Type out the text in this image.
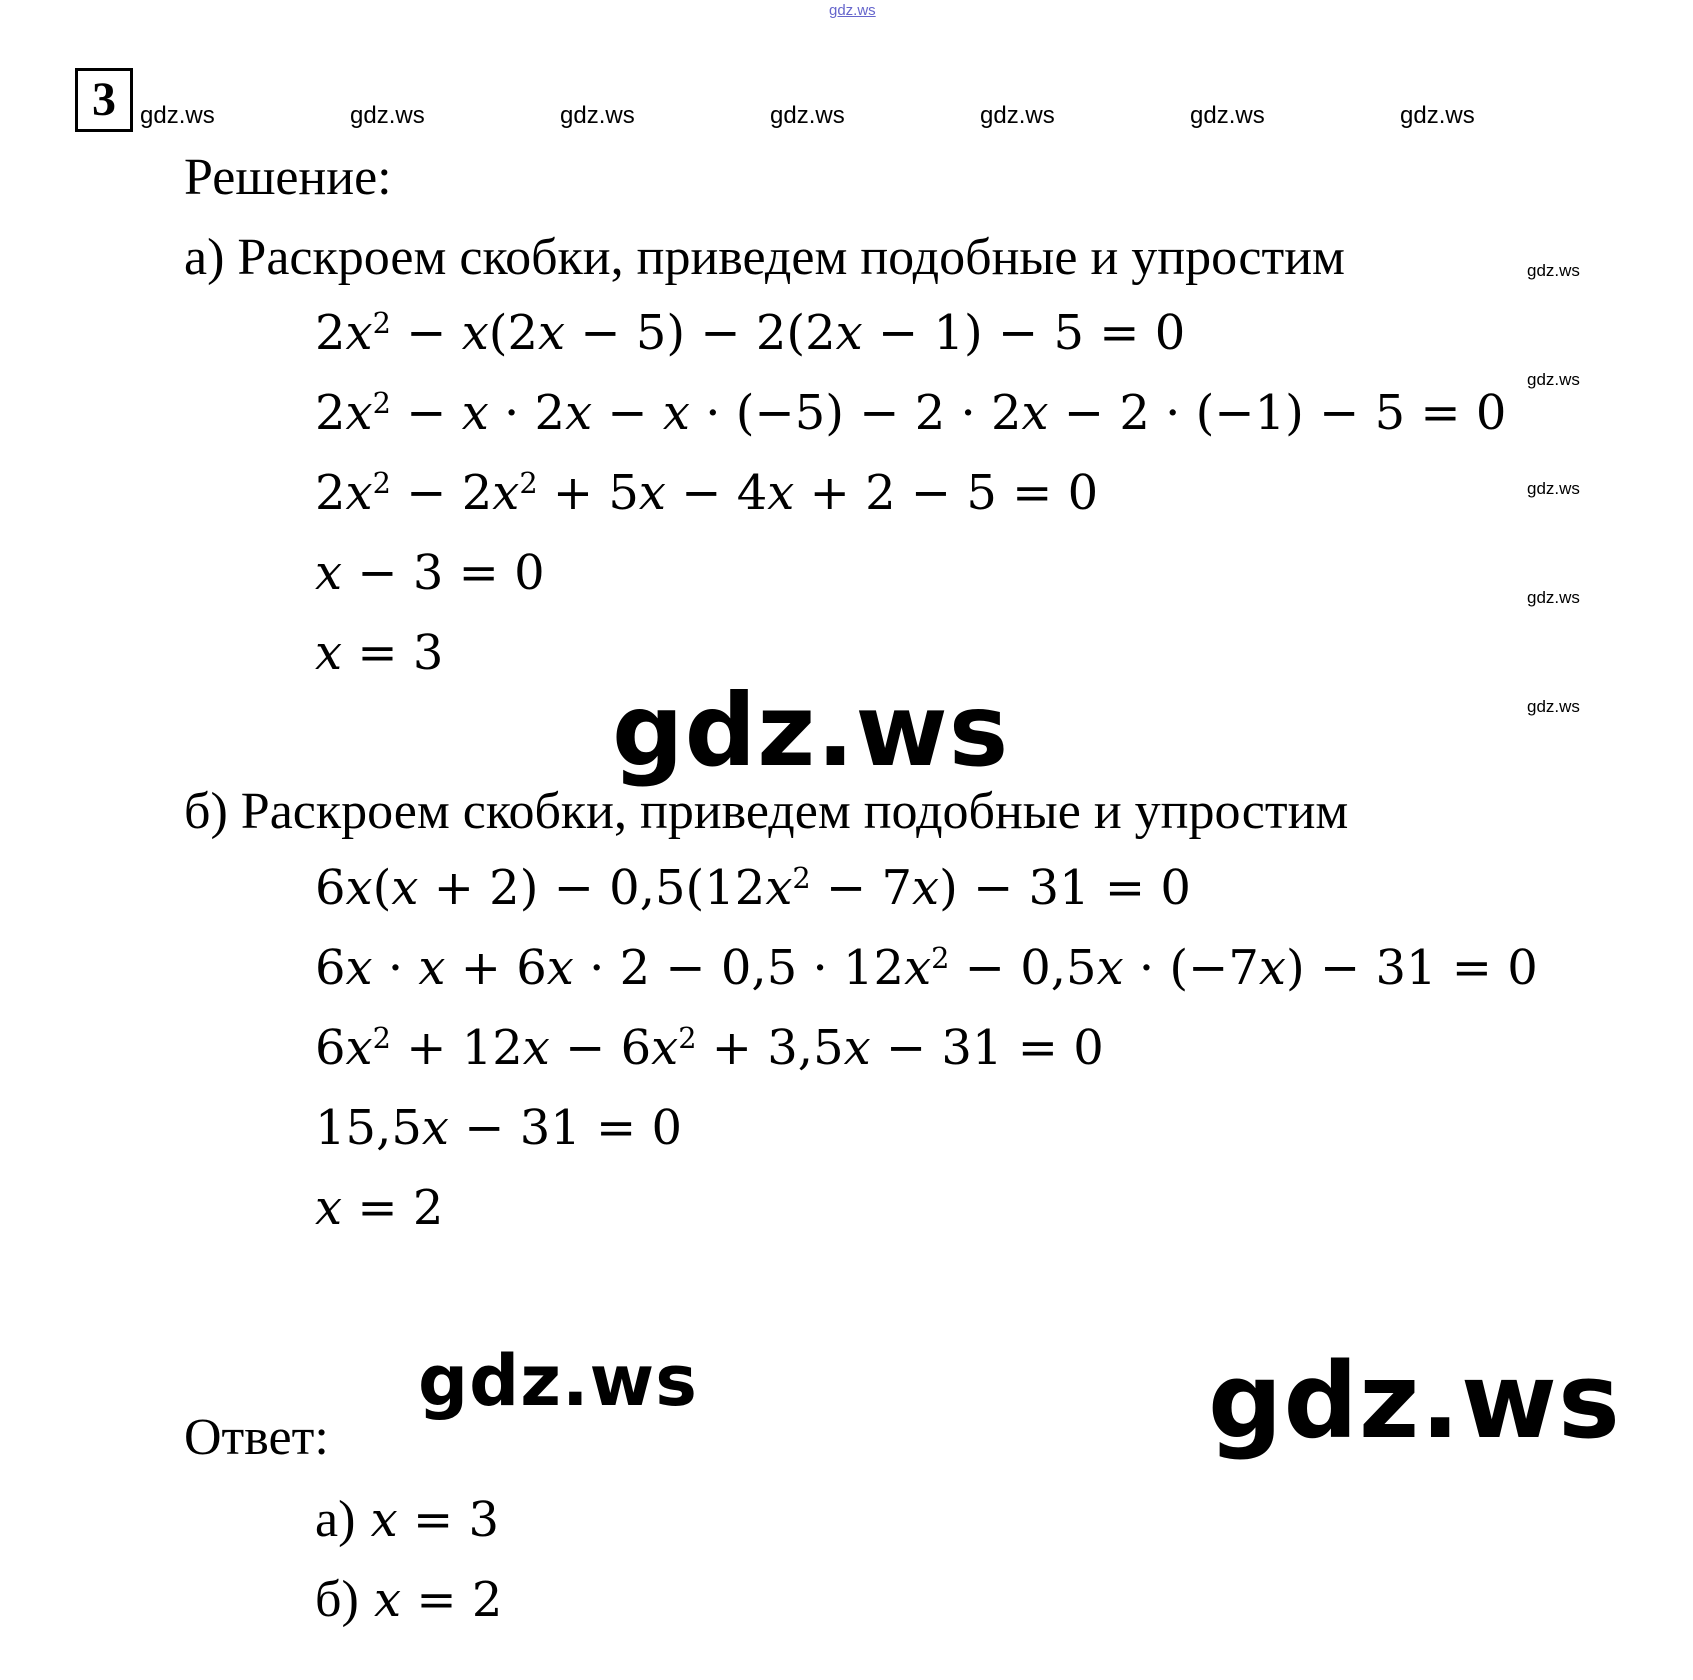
gdz.ws
3	gdz.ws	gdz.ws	gdz.ws	gdz.ws	gdz.ws	gdz.ws	gdz.ws
gdz.ws
gdz.ws
gdz.ws
gdz.ws
gdz.ws
Решение:
а) Раскроем скобки, приведем подобные и упростим
$2x^2 - x(2x - 5) - 2(2x - 1) - 5 = 0$
$2x^2 - x \cdot 2x - x \cdot (-5) - 2 \cdot 2x - 2 \cdot (-1) - 5 = 0$
$2x^2 - 2x^2 + 5x - 4x + 2 - 5 = 0$
x − 3 = 0
x = 3
gdz.ws
б) Раскроем скобки, приведем подобные и упростим
$6x(x + 2) - 0,5(12x^2 - 7x) - 31 = 0$
$6x \cdot x + 6x \cdot 2 - 0,5 \cdot 12x^2 - 0,5x \cdot (-7x) - 31 = 0$
$6x^2 + 12x - 6x^2 + 3,5x - 31 = 0$
15,5x − 31 = 0
x = 2
gdz.ws	gdz.ws
Ответ:
а) x = 3
б) x = 2
